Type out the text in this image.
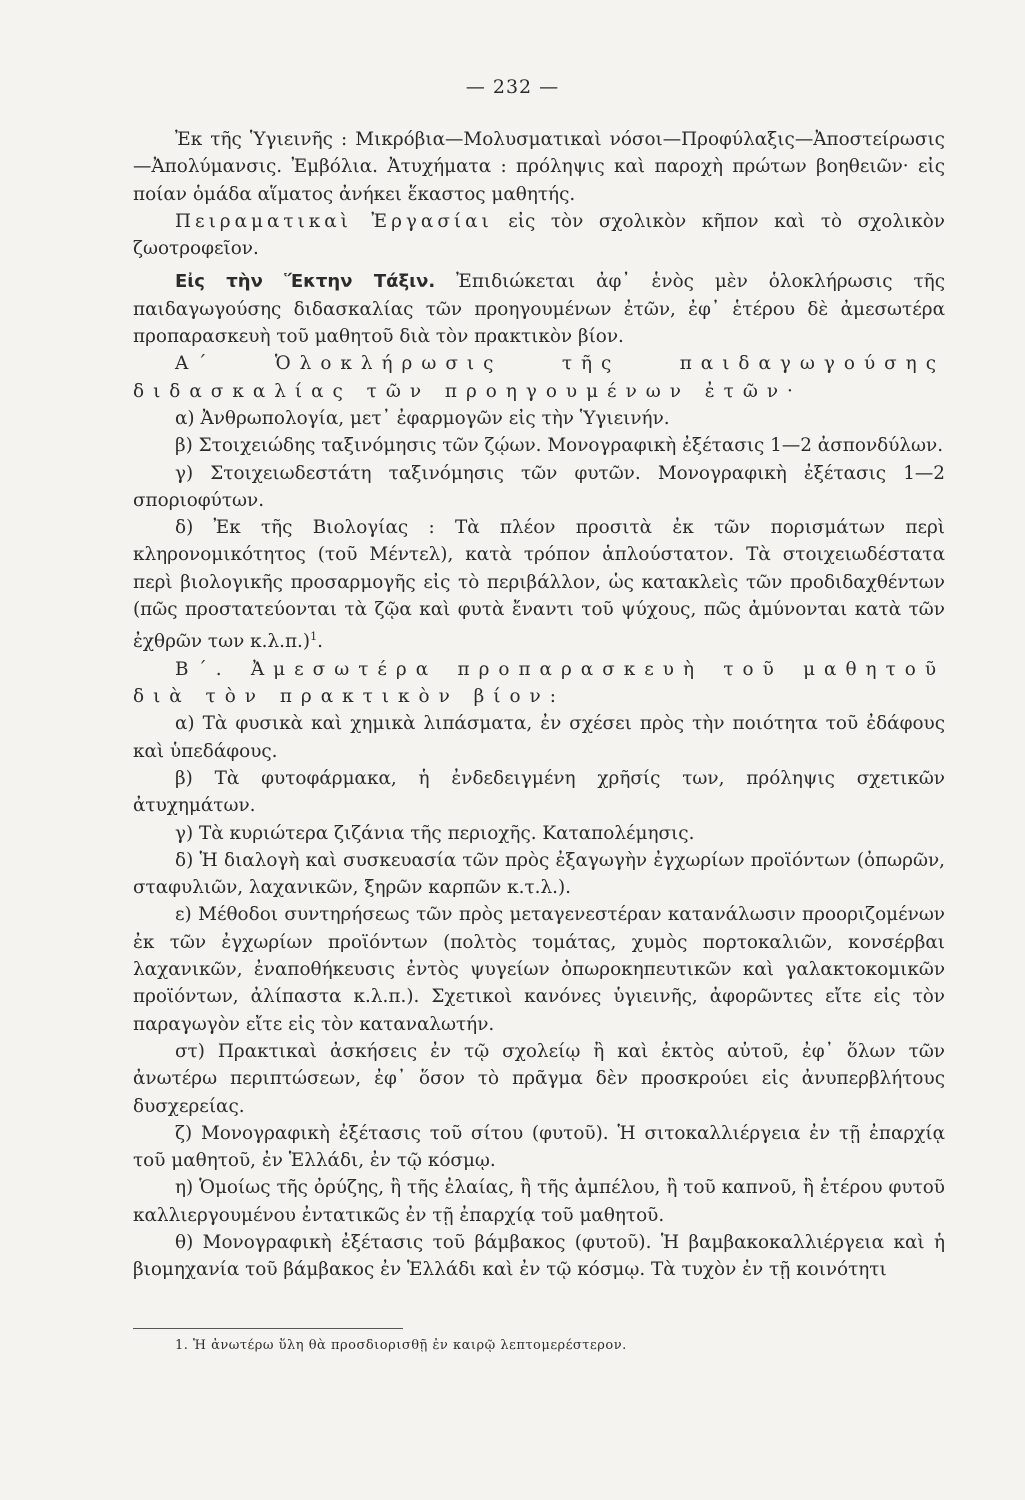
— 232 —

Ἐκ τῆς Ὑγιεινῆς : Μικρόβια—Μολυσματικαὶ νόσοι—Προφύλαξις—Ἀποστείρωσις—Ἀπολύμανσις. Ἐμβόλια. Ἀτυχήματα : πρόληψις καὶ παροχὴ πρώτων βοηθειῶν· εἰς ποίαν ὁμάδα αἵματος ἀνήκει ἕκαστος μαθητής.

Πειραματικαὶ Ἐργασίαι εἰς τὸν σχολικὸν κῆπον καὶ τὸ σχολικὸν ζωοτροφεῖον.

Εἰς τὴν Ἕκτην Τάξιν. Ἐπιδιώκεται ἀφ᾽ ἑνὸς μὲν ὁλοκλήρωσις τῆς παιδαγωγούσης διδασκαλίας τῶν προηγουμένων ἐτῶν, ἐφ᾽ ἑτέρου δὲ ἀμεσωτέρα προπαρασκευὴ τοῦ μαθητοῦ διὰ τὸν πρακτικὸν βίον.

Α΄ Ὁλοκλήρωσις τῆς παιδαγωγούσης διδασκαλίας τῶν προηγουμένων ἐτῶν·

α) Ἀνθρωπολογία, μετ᾽ ἐφαρμογῶν εἰς τὴν Ὑγιεινήν.

β) Στοιχειώδης ταξινόμησις τῶν ζῴων. Μονογραφικὴ ἐξέτασις 1—2 ἀσπονδύλων.

γ) Στοιχειωδεστάτη ταξινόμησις τῶν φυτῶν. Μονογραφικὴ ἐξέτασις 1—2 σποριοφύτων.

δ) Ἐκ τῆς Βιολογίας : Τὰ πλέον προσιτὰ ἐκ τῶν πορισμάτων περὶ κληρονομικότητος (τοῦ Μέντελ), κατὰ τρόπον ἁπλούστατον. Τὰ στοιχειωδέστατα περὶ βιολογικῆς προσαρμογῆς εἰς τὸ περιβάλλον, ὡς κατακλεὶς τῶν προδιδαχθέντων (πῶς προστατεύονται τὰ ζῷα καὶ φυτὰ ἔναντι τοῦ ψύχους, πῶς ἀμύνονται κατὰ τῶν ἐχθρῶν των κ.λ.π.)$^1$.

Β΄. Ἀμεσωτέρα προπαρασκευὴ τοῦ μαθητοῦ διὰ τὸν πρακτικὸν βίον:

α) Τὰ φυσικὰ καὶ χημικὰ λιπάσματα, ἐν σχέσει πρὸς τὴν ποιότητα τοῦ ἐδάφους καὶ ὑπεδάφους.

β) Τὰ φυτοφάρμακα, ἡ ἐνδεδειγμένη χρῆσίς των, πρόληψις σχετικῶν ἀτυχημάτων.

γ) Τὰ κυριώτερα ζιζάνια τῆς περιοχῆς. Καταπολέμησις.

δ) Ἡ διαλογὴ καὶ συσκευασία τῶν πρὸς ἐξαγωγὴν ἐγχωρίων προϊόντων (ὀπωρῶν, σταφυλιῶν, λαχανικῶν, ξηρῶν καρπῶν κ.τ.λ.).

ε) Μέθοδοι συντηρήσεως τῶν πρὸς μεταγενεστέραν κατανάλωσιν προοριζομένων ἐκ τῶν ἐγχωρίων προϊόντων (πολτὸς τομάτας, χυμὸς πορτοκαλιῶν, κονσέρβαι λαχανικῶν, ἐναποθήκευσις ἐντὸς ψυγείων ὀπωροκηπευτικῶν καὶ γαλακτοκομικῶν προϊόντων, ἀλίπαστα κ.λ.π.). Σχετικοὶ κανόνες ὑγιεινῆς, ἀφορῶντες εἴτε εἰς τὸν παραγωγὸν εἴτε εἰς τὸν καταναλωτήν.

στ) Πρακτικαὶ ἀσκήσεις ἐν τῷ σχολείῳ ἢ καὶ ἐκτὸς αὐτοῦ, ἐφ᾽ ὅλων τῶν ἀνωτέρω περιπτώσεων, ἐφ᾽ ὅσον τὸ πρᾶγμα δὲν προσκρούει εἰς ἀνυπερβλήτους δυσχερείας.

ζ) Μονογραφικὴ ἐξέτασις τοῦ σίτου (φυτοῦ). Ἡ σιτοκαλλιέργεια ἐν τῇ ἐπαρχίᾳ τοῦ μαθητοῦ, ἐν Ἑλλάδι, ἐν τῷ κόσμῳ.

η) Ὁμοίως τῆς ὀρύζης, ἢ τῆς ἐλαίας, ἢ τῆς ἀμπέλου, ἢ τοῦ καπνοῦ, ἢ ἑτέρου φυτοῦ καλλιεργουμένου ἐντατικῶς ἐν τῇ ἐπαρχίᾳ τοῦ μαθητοῦ.

θ) Μονογραφικὴ ἐξέτασις τοῦ βάμβακος (φυτοῦ). Ἡ βαμβακοκαλλιέργεια καὶ ἡ βιομηχανία τοῦ βάμβακος ἐν Ἑλλάδι καὶ ἐν τῷ κόσμῳ. Τὰ τυχὸν ἐν τῇ κοινότητι

1. Ἡ ἀνωτέρω ὕλη θὰ προσδιορισθῇ ἐν καιρῷ λεπτομερέστερον.
